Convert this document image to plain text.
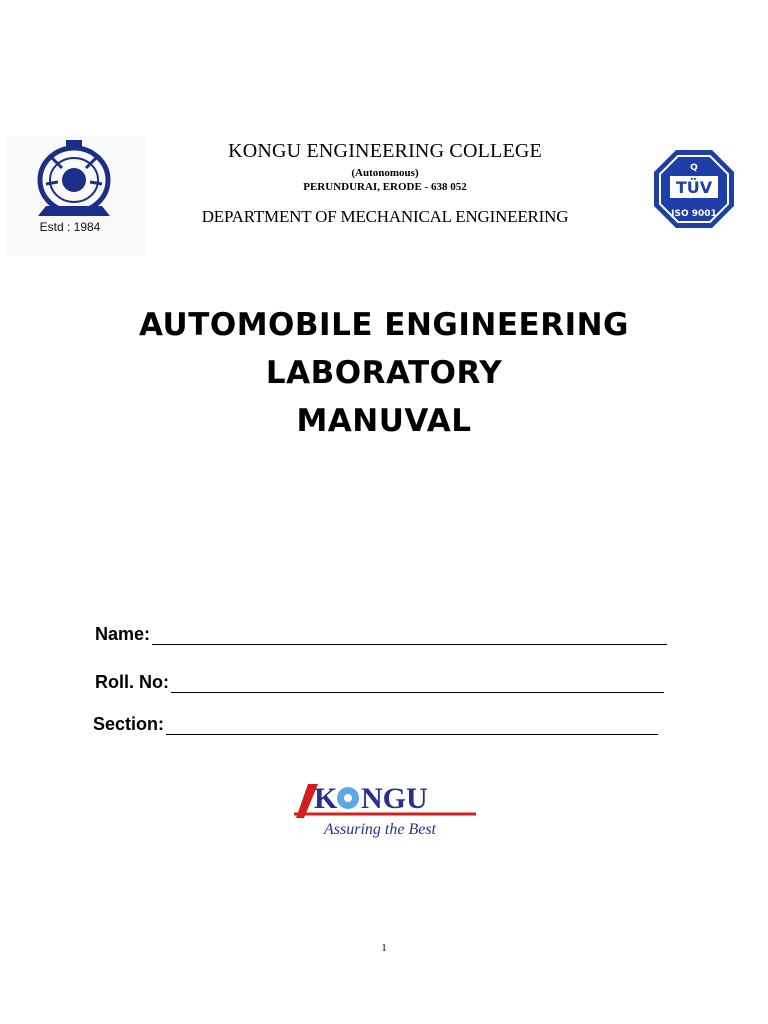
Estd : 1984
KONGU ENGINEERING COLLEGE
(Autonomous)
PERUNDURAI, ERODE - 638 052
DEPARTMENT OF MECHANICAL ENGINEERING
TÜV
Q
ISO 9001
AUTOMOBILE ENGINEERING
LABORATORY
MANUVAL
Name:
Roll. No:
Section:
K NGU
Assuring the Best
1
